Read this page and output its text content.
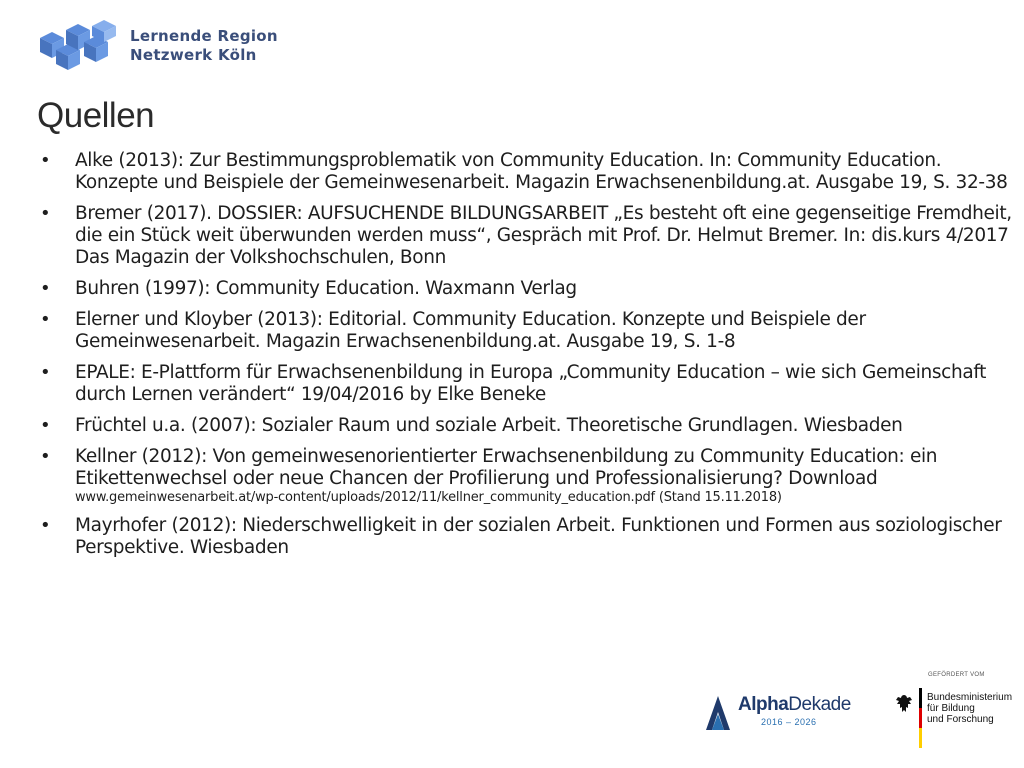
Lernende Region
Netzwerk Köln
Quellen
• Alke (2013): Zur Bestimmungsproblematik von Community Education. In: Community Education. Konzepte und Beispiele der Gemeinwesenarbeit. Magazin Erwachsenenbildung.at. Ausgabe 19, S. 32-38
• Bremer (2017). DOSSIER: AUFSUCHENDE BILDUNGSARBEIT „Es besteht oft eine gegenseitige Fremdheit, die ein Stück weit überwunden werden muss“, Gespräch mit Prof. Dr. Helmut Bremer. In: dis.kurs 4/2017 Das Magazin der Volkshochschulen, Bonn
• Buhren (1997): Community Education. Waxmann Verlag
• Elerner und Kloyber (2013): Editorial. Community Education. Konzepte und Beispiele der Gemeinwesenarbeit. Magazin Erwachsenenbildung.at. Ausgabe 19, S. 1-8
• EPALE: E-Plattform für Erwachsenenbildung in Europa „Community Education – wie sich Gemeinschaft durch Lernen verändert“ 19/04/2016 by Elke Beneke
• Früchtel u.a. (2007): Sozialer Raum und soziale Arbeit. Theoretische Grundlagen. Wiesbaden
• Kellner (2012): Von gemeinwesenorientierter Erwachsenenbildung zu Community Education: ein Etikettenwechsel oder neue Chancen der Profilierung und Professionalisierung? Download
www.gemeinwesenarbeit.at/wp-content/uploads/2012/11/kellner_community_education.pdf (Stand 15.11.2018)
• Mayrhofer (2012): Niederschwelligkeit in der sozialen Arbeit. Funktionen und Formen aus soziologischer Perspektive. Wiesbaden
GEFÖRDERT VOM
AlphaDekade
2016 – 2026
Bundesministerium
für Bildung
und Forschung
